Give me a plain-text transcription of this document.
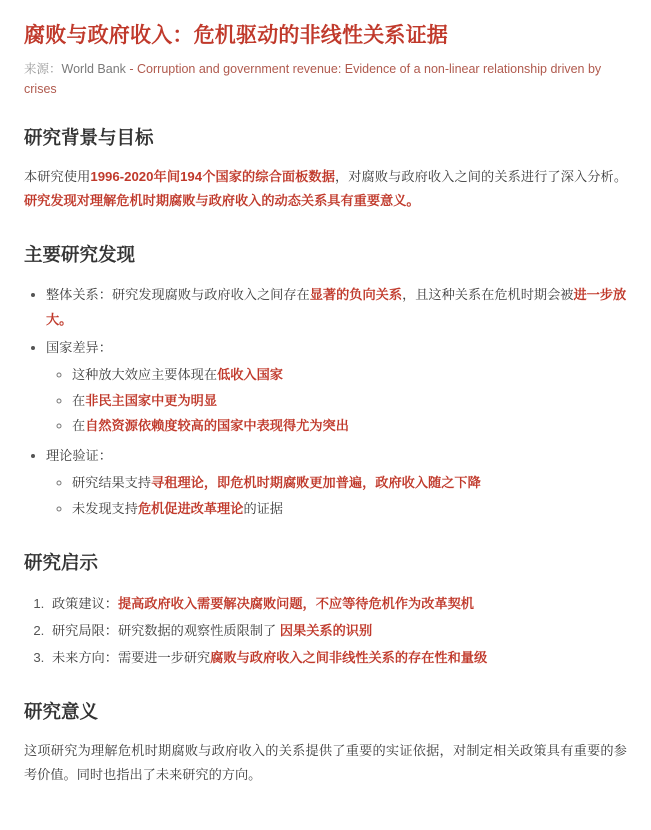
腐败与政府收入：危机驱动的非线性关系证据
来源：World Bank - Corruption and government revenue: Evidence of a non-linear relationship driven by crises
研究背景与目标

本研究使用1996-2020年间194个国家的综合面板数据，对腐败与政府收入之间的关系进行了深入分析。研究发现对理解危机时期腐败与政府收入的动态关系具有重要意义。

主要研究发现
• 整体关系：研究发现腐败与政府收入之间存在显著的负向关系，且这种关系在危机时期会被进一步放大。
• 国家差异：
◦ 这种放大效应主要体现在低收入国家
◦ 在非民主国家中更为明显
◦ 在自然资源依赖度较高的国家中表现得尤为突出
• 理论验证：
◦ 研究结果支持寻租理论，即危机时期腐败更加普遍，政府收入随之下降
◦ 未发现支持危机促进改革理论的证据
研究启示
1. 政策建议：提高政府收入需要解决腐败问题，不应等待危机作为改革契机
2. 研究局限：研究数据的观察性质限制了 因果关系的识别
3. 未来方向：需要进一步研究腐败与政府收入之间非线性关系的存在性和量级
研究意义

这项研究为理解危机时期腐败与政府收入的关系提供了重要的实证依据，对制定相关政策具有重要的参考价值。同时也指出了未来研究的方向。
